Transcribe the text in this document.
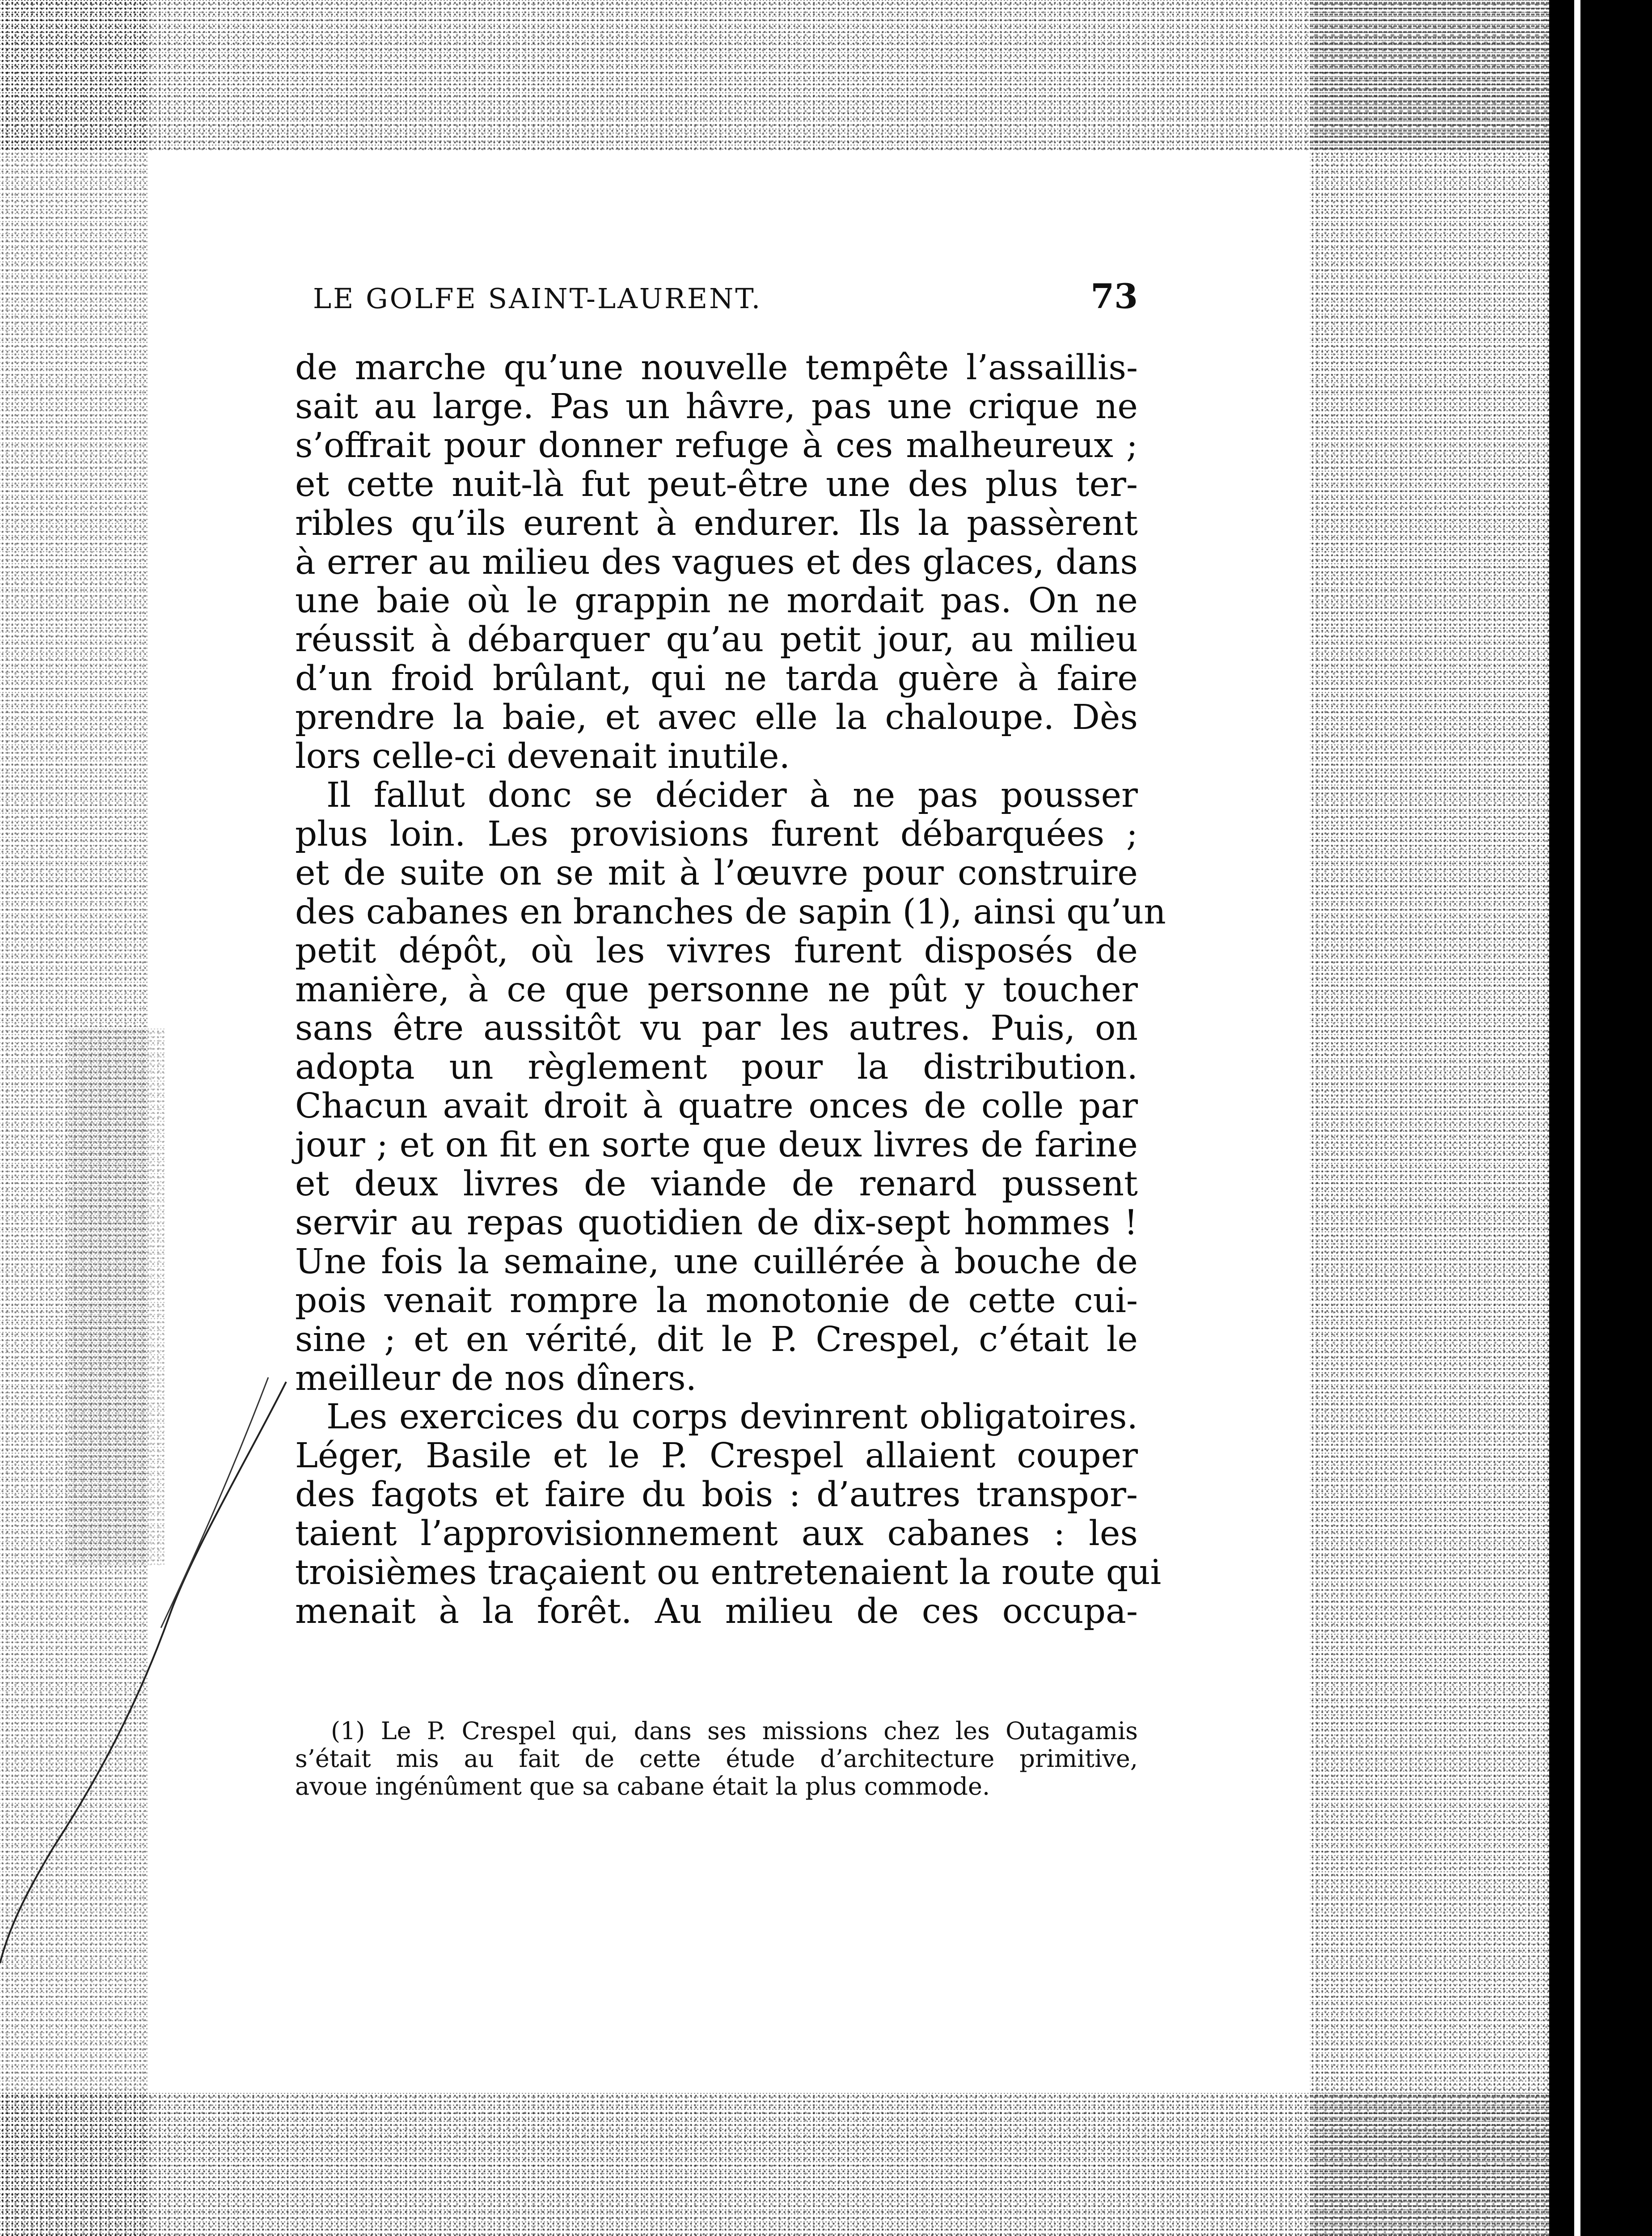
LE GOLFE SAINT-LAURENT.	73

de marche qu’une nouvelle tempête l’assaillis-
sait au large. Pas un hâvre, pas une crique ne
s’offrait pour donner refuge à ces malheureux ;
et cette nuit-là fut peut-être une des plus ter-
ribles qu’ils eurent à endurer. Ils la passèrent
à errer au milieu des vagues et des glaces, dans
une baie où le grappin ne mordait pas. On ne
réussit à débarquer qu’au petit jour, au milieu
d’un froid brûlant, qui ne tarda guère à faire
prendre la baie, et avec elle la chaloupe. Dès
lors celle-ci devenait inutile.

Il fallut donc se décider à ne pas pousser
plus loin. Les provisions furent débarquées ;
et de suite on se mit à l’œuvre pour construire
des cabanes en branches de sapin (1), ainsi qu’un
petit dépôt, où les vivres furent disposés de
manière, à ce que personne ne pût y toucher
sans être aussitôt vu par les autres. Puis, on
adopta un règlement pour la distribution.
Chacun avait droit à quatre onces de colle par
jour ; et on fit en sorte que deux livres de farine
et deux livres de viande de renard pussent
servir au repas quotidien de dix-sept hommes !
Une fois la semaine, une cuillérée à bouche de
pois venait rompre la monotonie de cette cui-
sine ; et en vérité, dit le P. Crespel, c’était le
meilleur de nos dîners.

Les exercices du corps devinrent obligatoires.
Léger, Basile et le P. Crespel allaient couper
des fagots et faire du bois : d’autres transpor-
taient l’approvisionnement aux cabanes : les
troisièmes traçaient ou entretenaient la route qui
menait à la forêt. Au milieu de ces occupa-

(1) Le P. Crespel qui, dans ses missions chez les Outagamis
s’était mis au fait de cette étude d’architecture primitive,
avoue ingénûment que sa cabane était la plus commode.
